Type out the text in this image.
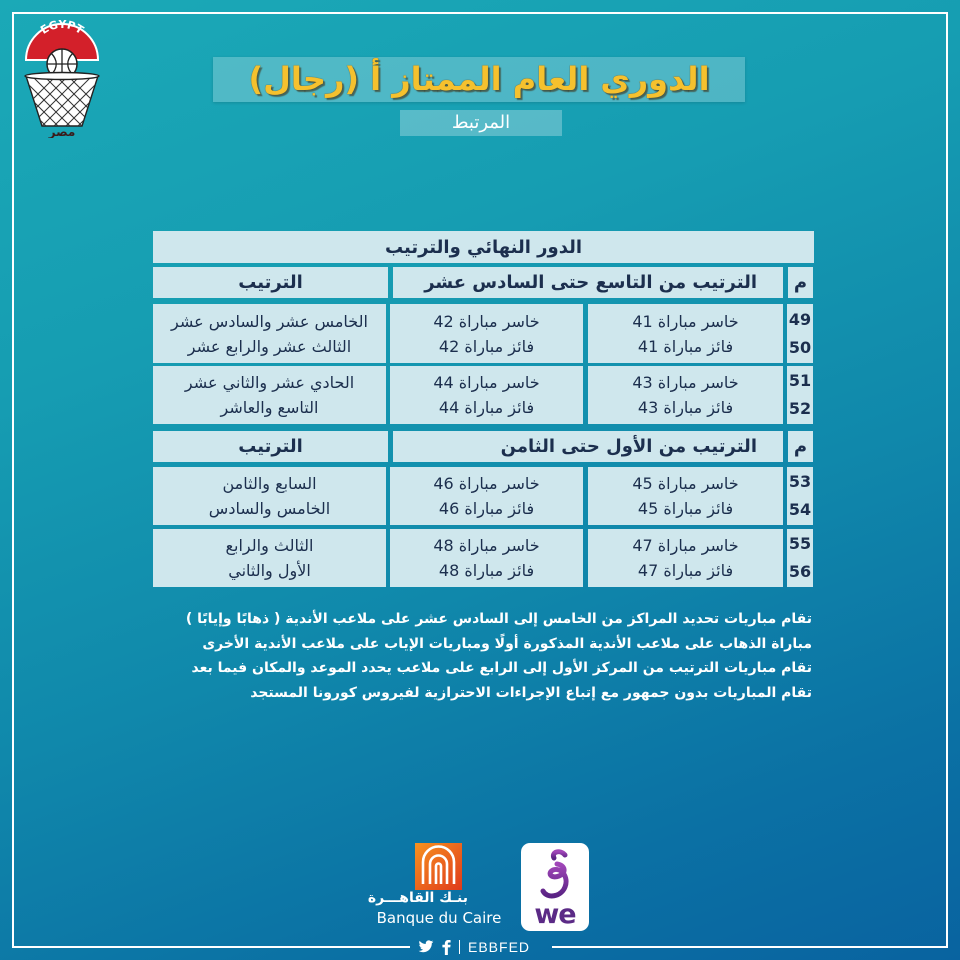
EGYPT
مصر
الدوري العام الممتاز أ (رجال)
المرتبط
الدور النهائي والترتيب
م
الترتيب من التاسع حتى السادس عشر
الترتيب
49
50
خاسر مباراة 41
فائز مباراة 41
خاسر مباراة 42
فائز مباراة 42
الخامس عشر والسادس عشر
الثالث عشر والرابع عشر
51
52
خاسر مباراة 43
فائز مباراة 43
خاسر مباراة 44
فائز مباراة 44
الحادي عشر والثاني عشر
التاسع والعاشر
م
الترتيب من الأول حتى الثامن
الترتيب
53
54
خاسر مباراة 45
فائز مباراة 45
خاسر مباراة 46
فائز مباراة 46
السابع والثامن
الخامس والسادس
55
56
خاسر مباراة 47
فائز مباراة 47
خاسر مباراة 48
فائز مباراة 48
الثالث والرابع
الأول والثاني
تقام مباريات تحديد المراكز من الخامس إلى السادس عشر على ملاعب الأندية ( ذهابًا وإيابًا )
مباراة الذهاب على ملاعب الأندية المذكورة أولًا ومباريات الإياب على ملاعب الأندية الأخرى
تقام مباريات الترتيب من المركز الأول إلى الرابع على ملاعب يحدد الموعد والمكان فيما بعد
تقام المباريات بدون جمهور مع إتباع الإجراءات الاحترازية لفيروس كورونا المستجد
بنـك القاهـــرة
Banque du Caire	we
EBBFED
